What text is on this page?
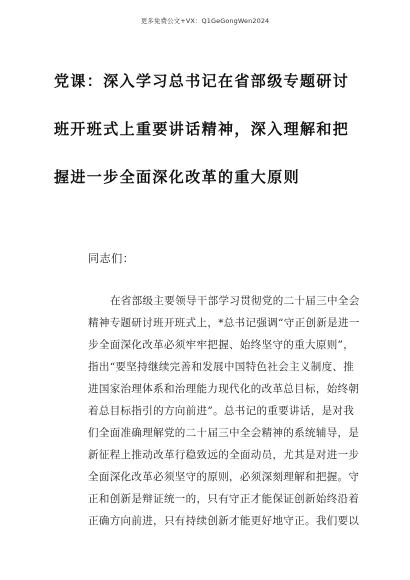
更多免费公文+VX：Q1GeGongWen2024
党课：深入学习总书记在省部级专题研讨
班开班式上重要讲话精神，深入理解和把
握进一步全面深化改革的重大原则
同志们：
在省部级主要领导干部学习贯彻党的二十届三中全会
精神专题研讨班开班式上，*总书记强调“守正创新是进一
步全面深化改革必须牢牢把握、始终坚守的重大原则”，
指出“要坚持继续完善和发展中国特色社会主义制度、推
进国家治理体系和治理能力现代化的改革总目标，始终朝
着总目标指引的方向前进”。总书记的重要讲话，是对我
们全面准确理解党的二十届三中全会精神的系统辅导，是
新征程上推动改革行稳致远的全面动员，尤其是对进一步
全面深化改革必须坚守的原则，必须深刻理解和把握。守
正和创新是辩证统一的，只有守正才能保证创新始终沿着
正确方向前进，只有持续创新才能更好地守正。我们要以
